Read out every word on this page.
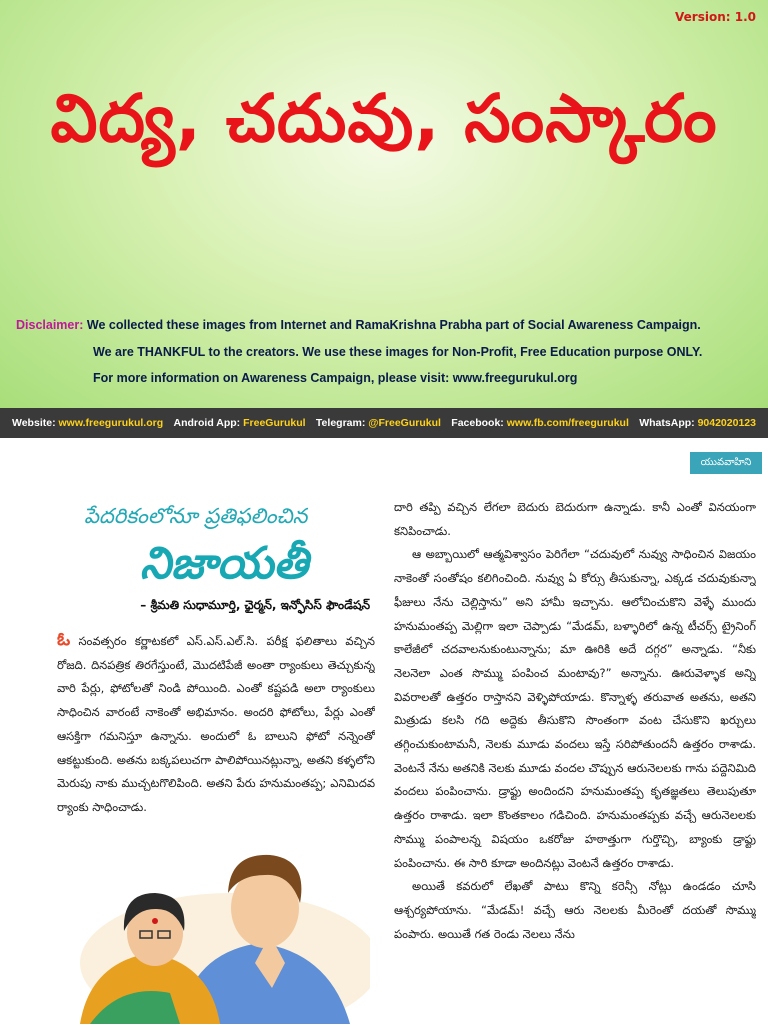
Version: 1.0
విద్య, చదువు, సంస్కారం
Disclaimer: We collected these images from Internet and RamaKrishna Prabha part of Social Awareness Campaign.
We are THANKFUL to the creators. We use these images for Non-Profit, Free Education purpose ONLY.
For more information on Awareness Campaign, please visit: www.freegurukul.org
Website: www.freegurukul.org Android App: FreeGurukul Telegram: @FreeGurukul Facebook: www.fb.com/freegurukul WhatsApp: 9042020123
యువవాహిని
పేదరికంలోనూ ప్రతిఫలించిన
నిజాయతీ
– శ్రీమతి సుధామూర్తి, ఛైర్మన్, ఇన్ఫోసిస్ ఫౌండేషన్

ఓ సంవత్సరం కర్ణాటకలో ఎస్.ఎస్.ఎల్.సి. పరీక్ష ఫలితాలు వచ్చిన రోజది. దినపత్రిక తిరగేస్తుంటే, మొదటిపేజీ అంతా ర్యాంకులు తెచ్చుకున్న వారి పేర్లు, ఫోటోలతో నిండి పోయింది. ఎంతో కష్టపడి అలా ర్యాంకులు సాధించిన వారంటే నాకెంతో అభిమానం. అందరి ఫోటోలు, పేర్లు ఎంతో ఆసక్తిగా గమనిస్తూ ఉన్నాను. అందులో ఓ బాలుని ఫోటో నన్నెంతో ఆకట్టుకుంది. అతను బక్కపలుచగా పాలిపోయినట్లున్నా, అతని కళ్ళలోని మెరుపు నాకు ముచ్చటగొలిపింది. అతని పేరు హనుమంతప్ప; ఎనిమిదవ ర్యాంకు సాధించాడు.

దారి తప్పి వచ్చిన లేగలా బెదురు బెదురుగా ఉన్నాడు. కానీ ఎంతో వినయంగా కనిపించాడు.

ఆ అబ్బాయిలో ఆత్మవిశ్వాసం పెరిగేలా “చదువులో నువ్వు సాధించిన విజయం నాకెంతో సంతోషం కలిగించింది. నువ్వు ఏ కోర్సు తీసుకున్నా, ఎక్కడ చదువుకున్నా ఫీజులు నేను చెల్లిస్తాను” అని హామీ ఇచ్చాను. ఆలోచించుకొని వెళ్ళే ముందు హనుమంతప్ప మెల్లిగా ఇలా చెప్పాడు “మేడమ్, బళ్ళారిలో ఉన్న టీచర్స్ ట్రైనింగ్ కాలేజీలో చదవాలనుకుంటున్నాను; మా ఊరికి అదే దగ్గర” అన్నాడు. “నీకు నెలనెలా ఎంత సొమ్ము పంపించ మంటావు?” అన్నాను. ఊరువెళ్ళాక అన్ని వివరాలతో ఉత్తరం రాస్తానని వెళ్ళిపోయాడు. కొన్నాళ్ళ తరువాత అతను, అతని మిత్రుడు కలసి గది అద్దెకు తీసుకొని సొంతంగా వంట చేసుకొని ఖర్చులు తగ్గించుకుంటామనీ, నెలకు మూడు వందలు ఇస్తే సరిపోతుందనీ ఉత్తరం రాశాడు. వెంటనే నేను అతనికి నెలకు మూడు వందల చొప్పున ఆరునెలలకు గాను పద్దెనిమిది వందలు పంపించాను. డ్రాఫ్టు అందిందని హనుమంతప్ప కృతజ్ఞతలు తెలుపుతూ ఉత్తరం రాశాడు. ఇలా కొంతకాలం గడిచింది. హనుమంతప్పకు వచ్చే ఆరునెలలకు సొమ్ము పంపాలన్న విషయం ఒకరోజు హఠాత్తుగా గుర్తొచ్చి, బ్యాంకు డ్రాఫ్టు పంపించాను. ఈ సారి కూడా అందినట్లు వెంటనే ఉత్తరం రాశాడు.

అయితే కవరులో లేఖతో పాటు కొన్ని కరెన్సీ నోట్లు ఉండడం చూసి ఆశ్చర్యపోయాను. “మేడమ్! వచ్చే ఆరు నెలలకు మీరెంతో దయతో సొమ్ము పంపారు. అయితే గత రెండు నెలలు నేను
